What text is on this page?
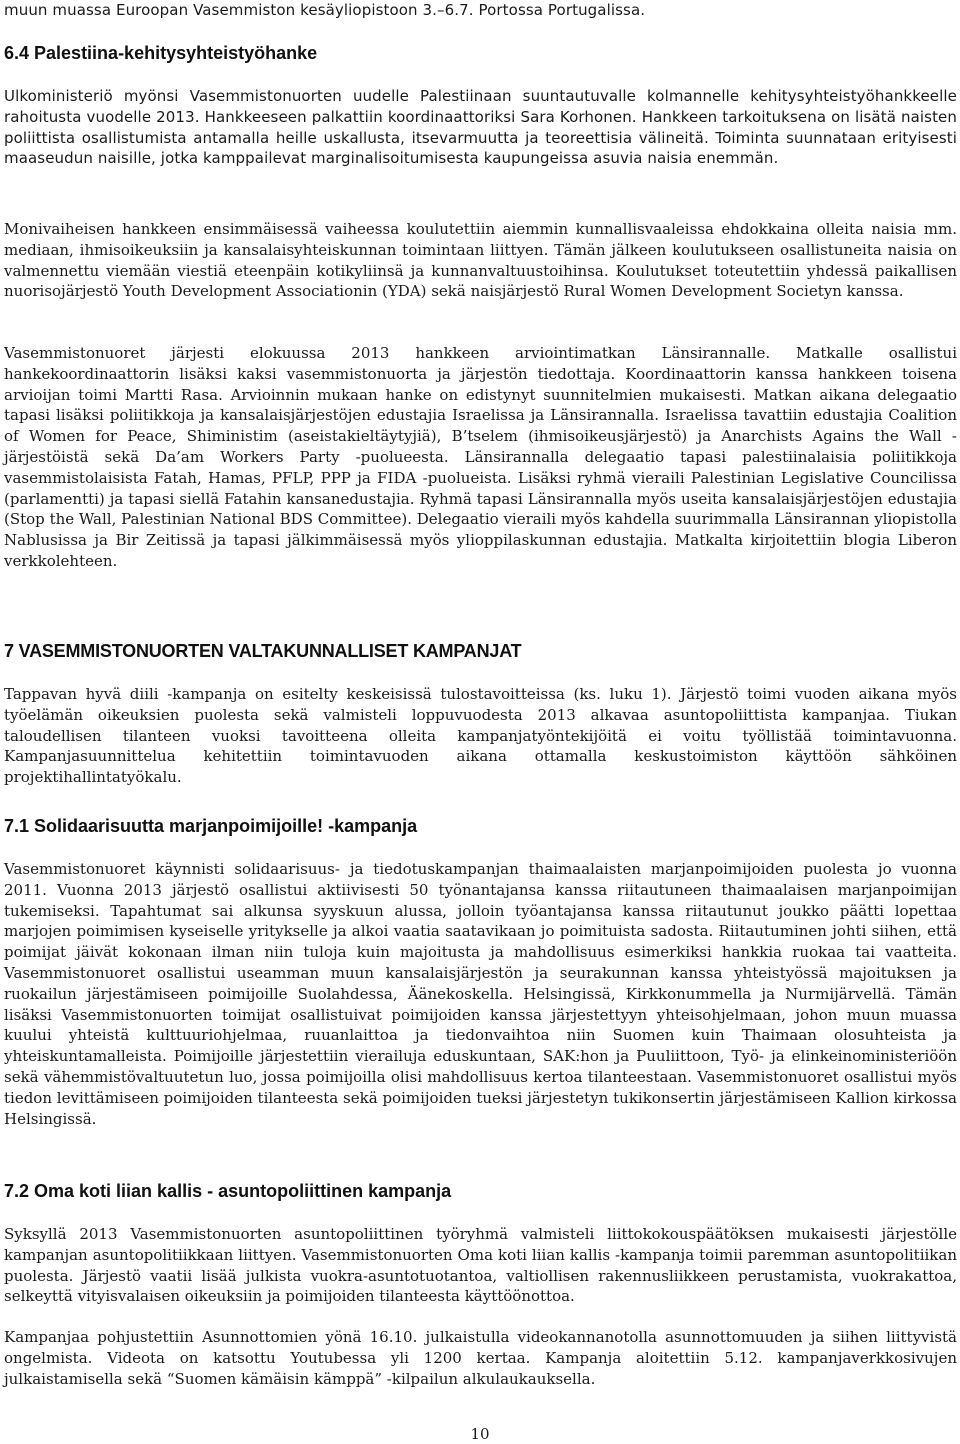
muun muassa Euroopan Vasemmiston kesäyliopistoon 3.–6.7. Portossa Portugalissa.

6.4 Palestiina-kehitysyhteistyöhanke

Ulkoministeriö myönsi Vasemmistonuorten uudelle Palestiinaan suuntautuvalle kolmannelle kehitysyhteistyöhankkeelle rahoitusta vuodelle 2013. Hankkeeseen palkattiin koordinaattoriksi Sara Korhonen. Hankkeen tarkoituksena on lisätä naisten poliittista osallistumista antamalla heille uskallusta, itsevarmuutta ja teoreettisia välineitä. Toiminta suunnataan erityisesti maaseudun naisille, jotka kamppailevat marginalisoitumisesta kaupungeissa asuvia naisia enemmän.

Monivaiheisen hankkeen ensimmäisessä vaiheessa koulutettiin aiemmin kunnallisvaaleissa ehdokkaina olleita naisia mm. mediaan, ihmisoikeuksiin ja kansalaisyhteiskunnan toimintaan liittyen. Tämän jälkeen koulutukseen osallistuneita naisia on valmennettu viemään viestiä eteenpäin kotikyliinsä ja kunnanvaltuustoihinsa. Koulutukset toteutettiin yhdessä paikallisen nuorisojärjestö Youth Development Associationin (YDA) sekä naisjärjestö Rural Women Development Societyn kanssa.

Vasemmistonuoret järjesti elokuussa 2013 hankkeen arviointimatkan Länsirannalle. Matkalle osallistui hankekoordinaattorin lisäksi kaksi vasemmistonuorta ja järjestön tiedottaja. Koordinaattorin kanssa hankkeen toisena arvioijan toimi Martti Rasa. Arvioinnin mukaan hanke on edistynyt suunnitelmien mukaisesti. Matkan aikana delegaatio tapasi lisäksi poliitikkoja ja kansalaisjärjestöjen edustajia Israelissa ja Länsirannalla. Israelissa tavattiin edustajia Coalition of Women for Peace, Shiministim (aseistakieltäytyjiä), B’tselem (ihmisoikeusjärjestö) ja Anarchists Agains the Wall -järjestöistä sekä Da’am Workers Party -puolueesta. Länsirannalla delegaatio tapasi palestiinalaisia poliitikkoja vasemmistolaisista Fatah, Hamas, PFLP, PPP ja FIDA -puolueista. Lisäksi ryhmä vieraili Palestinian Legislative Councilissa (parlamentti) ja tapasi siellä Fatahin kansanedustajia. Ryhmä tapasi Länsirannalla myös useita kansalaisjärjestöjen edustajia (Stop the Wall, Palestinian National BDS Committee). Delegaatio vieraili myös kahdella suurimmalla Länsirannan yliopistolla Nablusissa ja Bir Zeitissä ja tapasi jälkimmäisessä myös ylioppilaskunnan edustajia. Matkalta kirjoitettiin blogia Liberon verkkolehteen.

7 VASEMMISTONUORTEN VALTAKUNNALLISET KAMPANJAT

Tappavan hyvä diili -kampanja on esitelty keskeisissä tulostavoitteissa (ks. luku 1). Järjestö toimi vuoden aikana myös työelämän oikeuksien puolesta sekä valmisteli loppuvuodesta 2013 alkavaa asuntopoliittista kampanjaa. Tiukan taloudellisen tilanteen vuoksi tavoitteena olleita kampanjatyöntekijöitä ei voitu työllistää toimintavuonna. Kampanjasuunnittelua kehitettiin toimintavuoden aikana ottamalla keskustoimiston käyttöön sähköinen projektihallintatyökalu.

7.1 Solidaarisuutta marjanpoimijoille! -kampanja

Vasemmistonuoret käynnisti solidaarisuus- ja tiedotuskampanjan thaimaalaisten marjanpoimijoiden puolesta jo vuonna 2011. Vuonna 2013 järjestö osallistui aktiivisesti 50 työnantajansa kanssa riitautuneen thaimaalaisen marjanpoimijan tukemiseksi. Tapahtumat sai alkunsa syyskuun alussa, jolloin työantajansa kanssa riitautunut joukko päätti lopettaa marjojen poimimisen kyseiselle yritykselle ja alkoi vaatia saatavikaan jo poimituista sadosta. Riitautuminen johti siihen, että poimijat jäivät kokonaan ilman niin tuloja kuin majoitusta ja mahdollisuus esimerkiksi hankkia ruokaa tai vaatteita. Vasemmistonuoret osallistui useamman muun kansalaisjärjestön ja seurakunnan kanssa yhteistyössä majoituksen ja ruokailun järjestämiseen poimijoille Suolahdessa, Äänekoskella. Helsingissä, Kirkkonummella ja Nurmijärvellä. Tämän lisäksi Vasemmistonuorten toimijat osallistuivat poimijoiden kanssa järjestettyyn yhteisohjelmaan, johon muun muassa kuului yhteistä kulttuuriohjelmaa, ruuanlaittoa ja tiedonvaihtoa niin Suomen kuin Thaimaan olosuhteista ja yhteiskuntamalleista. Poimijoille järjestettiin vierailuja eduskuntaan, SAK:hon ja Puuliittoon, Työ- ja elinkeinoministeriöön sekä vähemmistövaltuutetun luo, jossa poimijoilla olisi mahdollisuus kertoa tilanteestaan. Vasemmistonuoret osallistui myös tiedon levittämiseen poimijoiden tilanteesta sekä poimijoiden tueksi järjestetyn tukikonsertin järjestämiseen Kallion kirkossa Helsingissä.

7.2 Oma koti liian kallis - asuntopoliittinen kampanja

Syksyllä 2013 Vasemmistonuorten asuntopoliittinen työryhmä valmisteli liittokokouspäätöksen mukaisesti järjestölle kampanjan asuntopolitiikkaan liittyen. Vasemmistonuorten Oma koti liian kallis -kampanja toimii paremman asuntopolitiikan puolesta. Järjestö vaatii lisää julkista vuokra-asuntotuotantoa, valtiollisen rakennusliikkeen perustamista, vuokrakattoa, selkeyttä vityisvalaisen oikeuksiin ja poimijoiden tilanteesta käyttöönottoa.

Kampanjaa pohjustettiin Asunnottomien yönä 16.10. julkaistulla videokannanotolla asunnottomuuden ja siihen liittyvistä ongelmista. Videota on katsottu Youtubessa yli 1200 kertaa. Kampanja aloitettiin 5.12. kampanjaverkkosivujen julkaistamisella sekä “Suomen kämäisin kämppä” -kilpailun alkulaukauksella.

10
